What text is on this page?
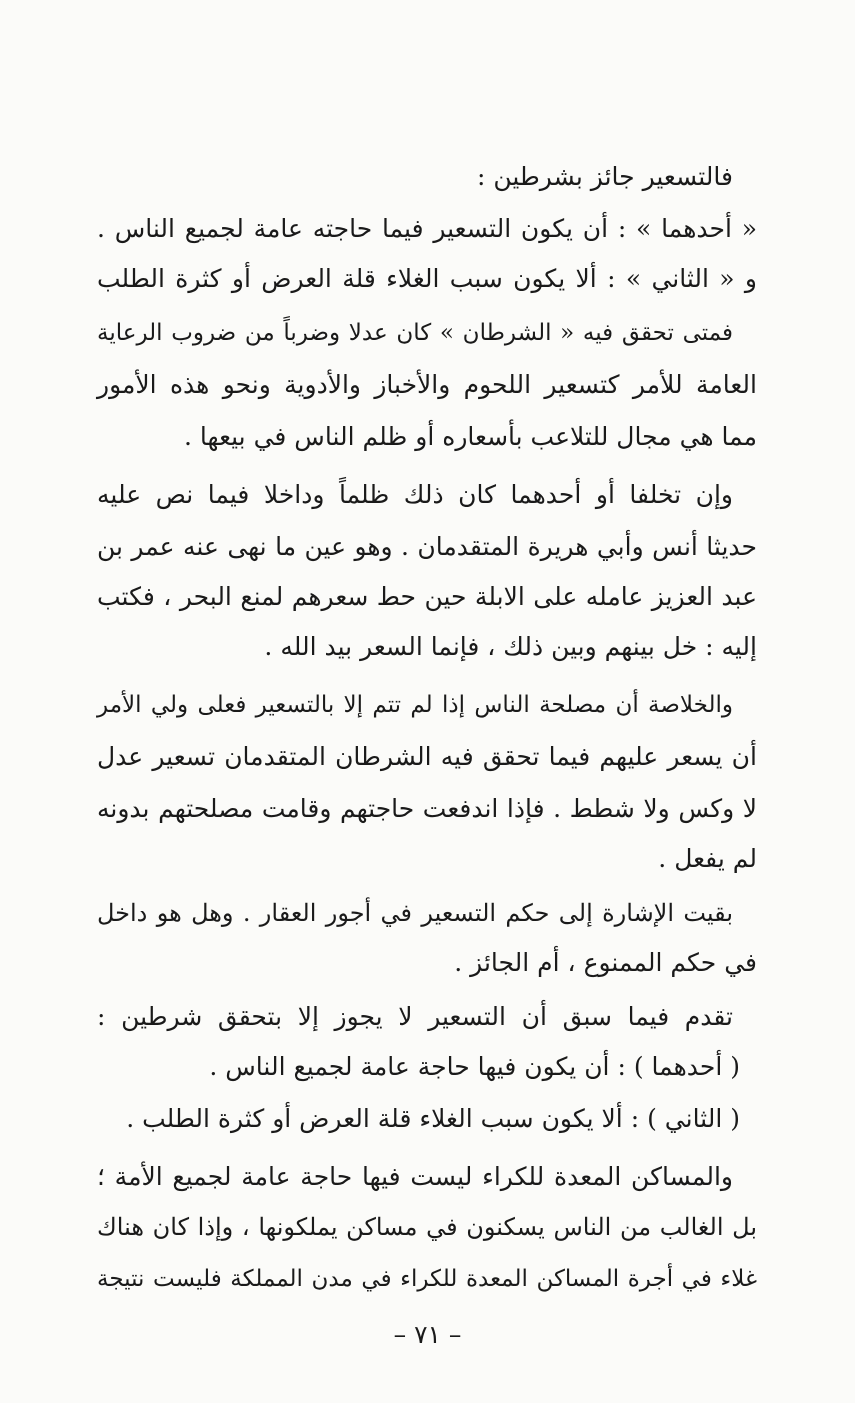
فالتسعير جائز بشرطين :
« أحدهما » : أن يكون التسعير فيما حاجته عامة لجميع الناس .
و « الثاني » : ألا يكون سبب الغلاء قلة العرض أو كثرة الطلب
فمتى تحقق فيه « الشرطان » كان عدلا وضرباً من ضروب الرعاية
العامة للأمر كتسعير اللحوم والأخباز والأدوية ونحو هذه الأمور
مما هي مجال للتلاعب بأسعاره أو ظلم الناس في بيعها .
وإن تخلفا أو أحدهما كان ذلك ظلماً وداخلا فيما نص عليه
حديثا أنس وأبي هريرة المتقدمان . وهو عين ما نهى عنه عمر بن
عبد العزيز عامله على الابلة حين حط سعرهم لمنع البحر ، فكتب
إليه : خل بينهم وبين ذلك ، فإنما السعر بيد الله .
والخلاصة أن مصلحة الناس إذا لم تتم إلا بالتسعير فعلى ولي الأمر
أن يسعر عليهم فيما تحقق فيه الشرطان المتقدمان تسعير عدل
لا وكس ولا شطط . فإذا اندفعت حاجتهم وقامت مصلحتهم بدونه
لم يفعل .
بقيت الإشارة إلى حكم التسعير في أجور العقار . وهل هو داخل
في حكم الممنوع ، أم الجائز .
تقدم فيما سبق أن التسعير لا يجوز إلا بتحقق شرطين :
( أحدهما ) : أن يكون فيها حاجة عامة لجميع الناس .
( الثاني ) : ألا يكون سبب الغلاء قلة العرض أو كثرة الطلب .
والمساكن المعدة للكراء ليست فيها حاجة عامة لجميع الأمة ؛
بل الغالب من الناس يسكنون في مساكن يملكونها ، وإذا كان هناك
غلاء في أجرة المساكن المعدة للكراء في مدن المملكة فليست نتيجة
– ٧١ –
